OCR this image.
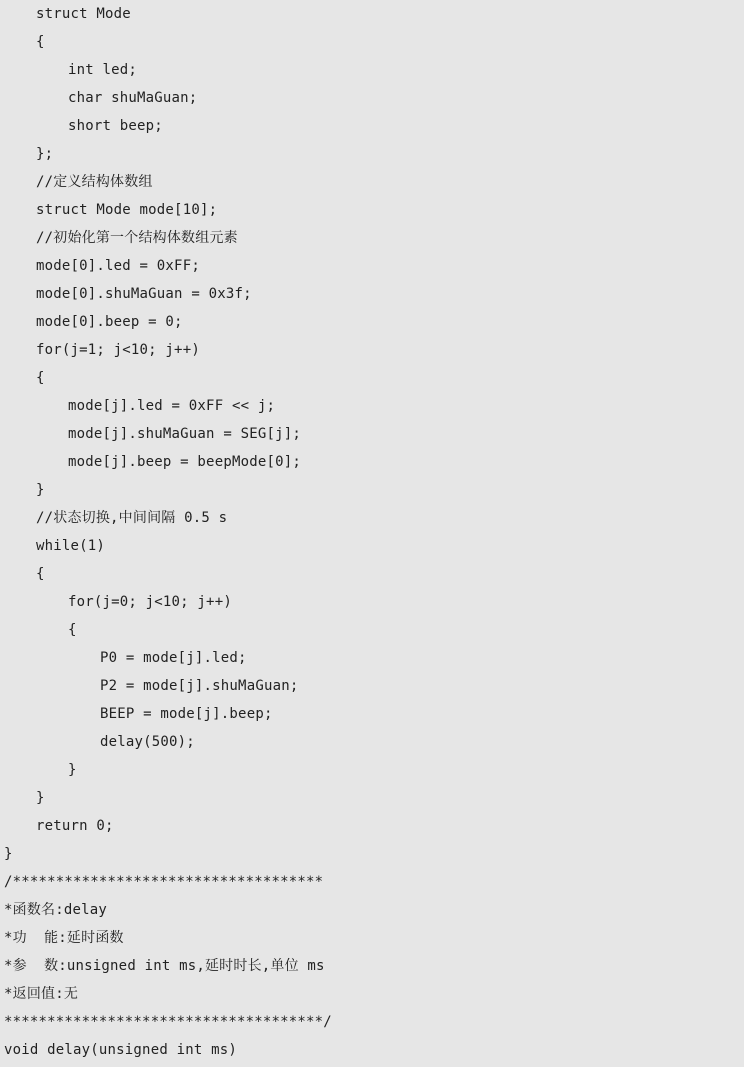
struct Mode
{
int led;
char shuMaGuan;
short beep;
};
//定义结构体数组
struct Mode mode[10];
//初始化第一个结构体数组元素
mode[0].led = 0xFF;
mode[0].shuMaGuan = 0x3f;
mode[0].beep = 0;
for(j=1; j<10; j++)
{
mode[j].led = 0xFF << j;
mode[j].shuMaGuan = SEG[j];
mode[j].beep = beepMode[0];
}
//状态切换,中间间隔 0.5 s
while(1)
{
for(j=0; j<10; j++)
{
P0 = mode[j].led;
P2 = mode[j].shuMaGuan;
BEEP = mode[j].beep;
delay(500);
}
}
return 0;
}
/************************************
*函数名:delay
*功  能:延时函数
*参  数:unsigned int ms,延时时长,单位 ms
*返回值:无
*************************************/
void delay(unsigned int ms)
